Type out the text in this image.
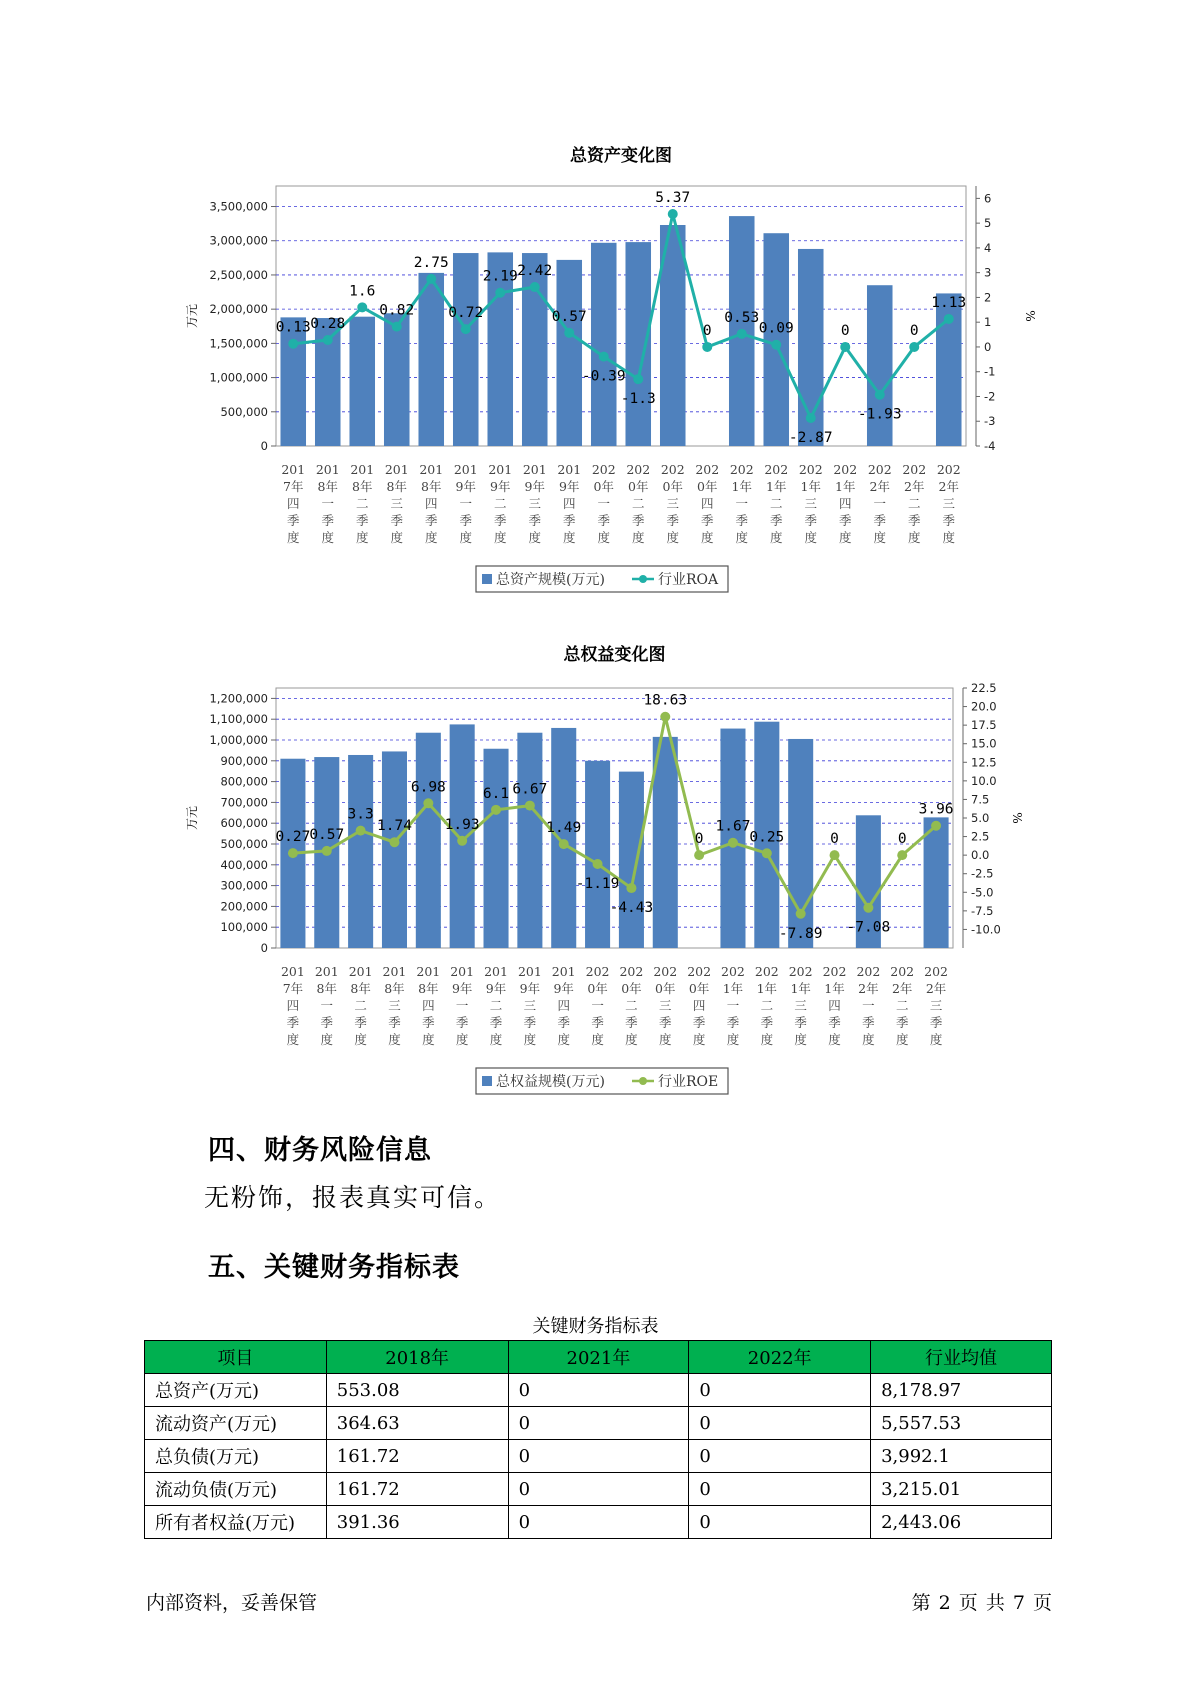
总资产变化图
3,500,000
3,000,000
2,500,000
2,000,000
1,500,000
1,000,000
500,000
0
6
5
4
3
2
1
0
-1
-2
-3
-4
万元	%
0.13 0.28
1.6
0.82
2.75
0.72
2.19 2.42
0.57
-0.39
-1.3
5.37
0
0.53
0.09
-2.87
0
-1.93
0
1.13
201
7年
四
季
度
201
8年
一
季
度
201
8年
二
季
度
201
8年
三
季
度
201
8年
四
季
度
201
9年
一
季
度
201
9年
二
季
度
201
9年
三
季
度
201
9年
四
季
度
202
0年
一
季
度
202
0年
二
季
度
202
0年
三
季
度
202
0年
四
季
度
202
1年
一
季
度
202
1年
二
季
度
202
1年
三
季
度
202
1年
四
季
度
202
2年
一
季
度
202
2年
二
季
度
202
2年
三
季
度
总资产规模(万元)	行业ROA
总权益变化图
1,200,000
1,100,000
1,000,000
900,000
800,000
700,000
600,000
500,000
400,000
300,000
200,000
100,000
0
22.5
20.0
17.5
15.0
12.5
10.0
7.5
5.0
2.5
0.0
-2.5
-5.0
-7.5
-10.0
万元	%
0.27
0.57
3.3
1.74
6.98
1.93
6.1 6.67
1.49
-1.19
-4.43
18.63
0
1.67
0.25
-7.89
0
-7.08
0
3.96
201
7年
四
季
度
201
8年
一
季
度
201
8年
二
季
度
201
8年
三
季
度
201
8年
四
季
度
201
9年
一
季
度
201
9年
二
季
度
201
9年
三
季
度
201
9年
四
季
度
202
0年
一
季
度
202
0年
二
季
度
202
0年
三
季
度
202
0年
四
季
度
202
1年
一
季
度
202
1年
二
季
度
202
1年
三
季
度
202
1年
四
季
度
202
2年
一
季
度
202
2年
二
季
度
202
2年
三
季
度
总权益规模(万元)	行业ROE
四、财务风险信息

无粉饰，报表真实可信。

五、关键财务指标表
关键财务指标表
项目	2018年	2021年	2022年	行业均值
总资产(万元)	553.08	0	0	8,178.97
流动资产(万元)	364.63	0	0	5,557.53
总负债(万元)	161.72	0	0	3,992.1
流动负债(万元)	161.72	0	0	3,215.01
所有者权益(万元)	391.36	0	0	2,443.06
内部资料，妥善保管	第 2 页 共 7 页
